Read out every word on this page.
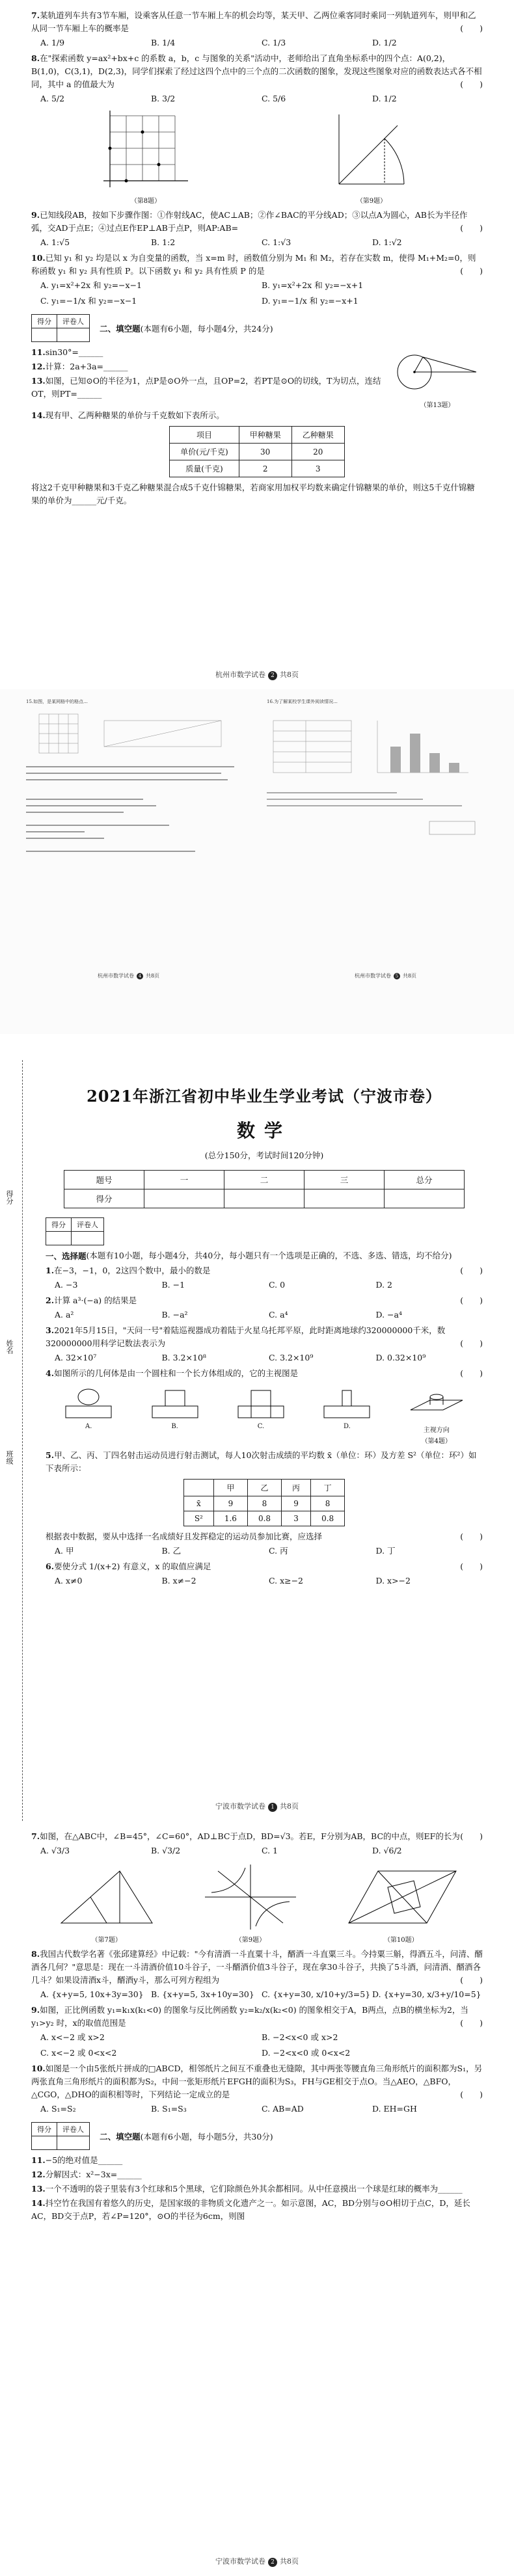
7.某轨道列车共有3节车厢，设乘客从任意一节车厢上车的机会均等，某天甲、乙两位乘客同时乘同一列轨道列车，则甲和乙从同一节车厢上车的概率是	(  )
A. 1/9	B. 1/4	C. 1/3	D. 1/2
8.在"探索函数 y=ax²+bx+c 的系数 a，b，c 与图象的关系"活动中，老师给出了直角坐标系中的四个点：A(0,2)，B(1,0)，C(3,1)，D(2,3)，同学们探索了经过这四个点中的三个点的二次函数的图象，发现这些图象对应的函数表达式各不相同，其中 a 的值最大为	(  )
A. 5/2	B. 3/2	C. 5/6	D. 1/2
（第8题）	（第9题）
9.已知线段AB，按如下步骤作图：①作射线AC，使AC⊥AB；②作∠BAC的平分线AD；③以点A为圆心，AB长为半径作弧，交AD于点E；④过点E作EP⊥AB于点P，则AP:AB=	(  )
A. 1:√5	B. 1:2	C. 1:√3	D. 1:√2
10.已知 y₁ 和 y₂ 均是以 x 为自变量的函数，当 x=m 时，函数值分别为 M₁ 和 M₂，若存在实数 m，使得 M₁+M₂=0，则称函数 y₁ 和 y₂ 具有性质 P。以下函数 y₁ 和 y₂ 具有性质 P 的是	(  )
A. y₁=x²+2x 和 y₂=−x−1	B. y₁=x²+2x 和 y₂=−x+1
C. y₁=−1/x 和 y₂=−x−1	D. y₁=−1/x 和 y₂=−x+1
得分	评卷人
	二、填空题(本题有6小题，每小题4分，共24分)
11.sin30°=______
12.计算：2a+3a=______
13.如图，已知⊙O的半径为1，点P是⊙O外一点，且OP=2，若PT是⊙O的切线，T为切点，连结OT，则PT=______
（第13题）
14.现有甲、乙两种糖果的单价与千克数如下表所示。
项目	甲种糖果	乙种糖果
单价(元/千克)	30	20
质量(千克)	2	3
将这2千克甲种糖果和3千克乙种糖果混合成5千克什锦糖果，若商家用加权平均数来确定什锦糖果的单价，则这5千克什锦糖果的单价为______元/千克。
杭州市数学试卷 2 共8页
15.如图，是某网格中的格点...	16.为了解某校学生课外阅读情况...
杭州市数学试卷 4 共8页	杭州市数学试卷 5 共8页
得分
姓名
班级
2021年浙江省初中毕业生学业考试（宁波市卷）
数学
(总分150分，考试时间120分钟)
题号	一	二	三	总分
得分				
得分	评卷人

一、选择题(本题有10小题，每小题4分，共40分，每小题只有一个选项是正确的，不选、多选、错选，均不给分)
1.在−3，−1，0，2这四个数中，最小的数是	(  )
A. −3	B. −1	C. 0	D. 2
2.计算 a³·(−a) 的结果是	(  )
A. a²	B. −a²	C. a⁴	D. −a⁴
3.2021年5月15日，"天问一号"着陆巡视器成功着陆于火星乌托邦平原，此时距离地球约320000000千米，数320000000用科学记数法表示为	(  )
A. 32×10⁷	B. 3.2×10⁸	C. 3.2×10⁹	D. 0.32×10⁹
4.如图所示的几何体是由一个圆柱和一个长方体组成的，它的主视图是	(  )
A.	B.	C.	D.
主视方向
（第4题）
5.甲、乙、丙、丁四名射击运动员进行射击测试，每人10次射击成绩的平均数 x̄（单位：环）及方差 S²（单位：环²）如下表所示：
	甲	乙	丙	丁
x̄	9	8	9	8
S²	1.6	0.8	3	0.8
根据表中数据，要从中选择一名成绩好且发挥稳定的运动员参加比赛，应选择	(  )
A. 甲	B. 乙	C. 丙	D. 丁
6.要使分式 1/(x+2) 有意义，x 的取值应满足	(  )
A. x≠0	B. x≠−2	C. x≥−2	D. x>−2
宁波市数学试卷 1 共8页
7.如图，在△ABC中，∠B=45°，∠C=60°，AD⊥BC于点D，BD=√3。若E，F分别为AB，BC的中点，则EF的长为 (  )
A. √3/3	B. √3/2	C. 1	D. √6/2
（第7题）	（第9题）	（第10题）
8.我国古代数学名著《张邱建算经》中记载："今有清酒一斗直粟十斗，醑酒一斗直粟三斗。今持粟三斛，得酒五斗，问清、醑酒各几何？"意思是：现在一斗清酒价值10斗谷子，一斗醑酒价值3斗谷子，现在拿30斗谷子，共换了5斗酒，问清酒、醑酒各几斗？如果设清酒x斗，醑酒y斗，那么可列方程组为	(  )
A. {x+y=5, 10x+3y=30} B. {x+y=5, 3x+10y=30} C. {x+y=30, x/10+y/3=5} D. {x+y=30, x/3+y/10=5}
9.如图，正比例函数 y₁=k₁x(k₁<0) 的图象与反比例函数 y₂=k₂/x(k₂<0) 的图象相交于A，B两点，点B的横坐标为2，当 y₁>y₂ 时，x的取值范围是	(  )
A. x<−2 或 x>2	B. −2<x<0 或 x>2
C. x<−2 或 0<x<2	D. −2<x<0 或 0<x<2
10.如图是一个由5张纸片拼成的□ABCD，相邻纸片之间互不重叠也无缝隙，其中两张等腰直角三角形纸片的面积都为S₁，另两张直角三角形纸片的面积都为S₂，中间一张矩形纸片EFGH的面积为S₃，FH与GE相交于点O。当△AEO，△BFO，△CGO，△DHO的面积相等时，下列结论一定成立的是	(  )
A. S₁=S₂	B. S₁=S₃	C. AB=AD	D. EH=GH
得分	评卷人
	二、填空题(本题有6小题，每小题5分，共30分)
11.−5的绝对值是______
12.分解因式：x²−3x=______
13.一个不透明的袋子里装有3个红球和5个黑球，它们除颜色外其余都相同。从中任意摸出一个球是红球的概率为______
14.抖空竹在我国有着悠久的历史，是国家级的非物质文化遗产之一。如示意图，AC，BD分别与⊙O相切于点C，D，延长AC，BD交于点P，若∠P=120°，⊙O的半径为6cm，则图
宁波市数学试卷 2 共8页
